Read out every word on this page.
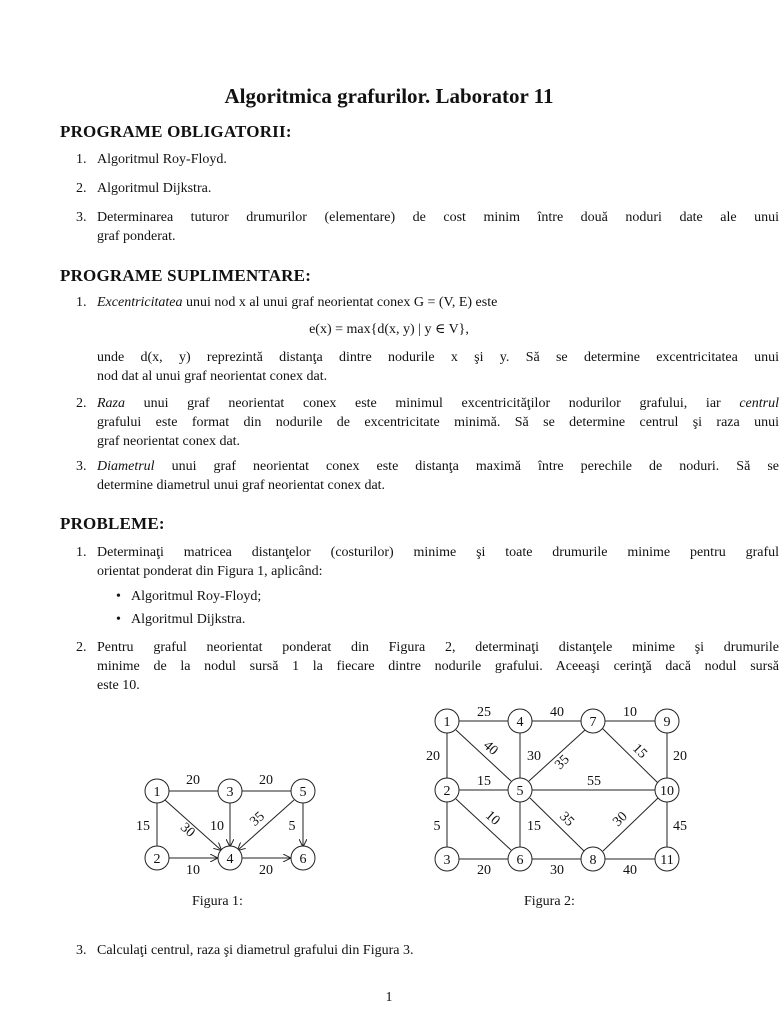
Algoritmica grafurilor. Laborator 11
PROGRAME OBLIGATORII:
1. Algoritmul Roy-Floyd.
2. Algoritmul Dijkstra.
3. Determinarea tuturor drumurilor (elementare) de cost minim între două noduri date ale unui
graf ponderat.
PROGRAME SUPLIMENTARE:
1. Excentricitatea unui nod x al unui graf neorientat conex G = (V, E) este
e(x) = max{d(x, y) | y ∈ V},
unde d(x, y) reprezintă distanţa dintre nodurile x şi y. Să se determine excentricitatea unui
nod dat al unui graf neorientat conex dat.
2. Raza unui graf neorientat conex este minimul excentricităţilor nodurilor grafului, iar centrul
grafului este format din nodurile de excentricitate minimă. Să se determine centrul şi raza unui
graf neorientat conex dat.
3. Diametrul unui graf neorientat conex este distanţa maximă între perechile de noduri. Să se
determine diametrul unui graf neorientat conex dat.
PROBLEME:
1. Determinaţi matricea distanţelor (costurilor) minime şi toate drumurile minime pentru graful
orientat ponderat din Figura 1, aplicând:
• Algoritmul Roy-Floyd;
• Algoritmul Dijkstra.
2. Pentru graful neorientat ponderat din Figura 2, determinaţi distanţele minime şi drumurile
minime de la nodul sursă 1 la fiecare dintre nodurile grafului. Aceeaşi cerinţă dacă nodul sursă
este 10.
1	3	5
2	4	6
20	20
15 30 10 35 5
10	20
Figura 1:
1	4	7	9
2	5	10
3	6	8	11
25	40	10
20	40 30 35
15 20
15	55
5	10 15 35 30	45
20	30	40
Figura 2:
3. Calculaţi centrul, raza şi diametrul grafului din Figura 3.
1
